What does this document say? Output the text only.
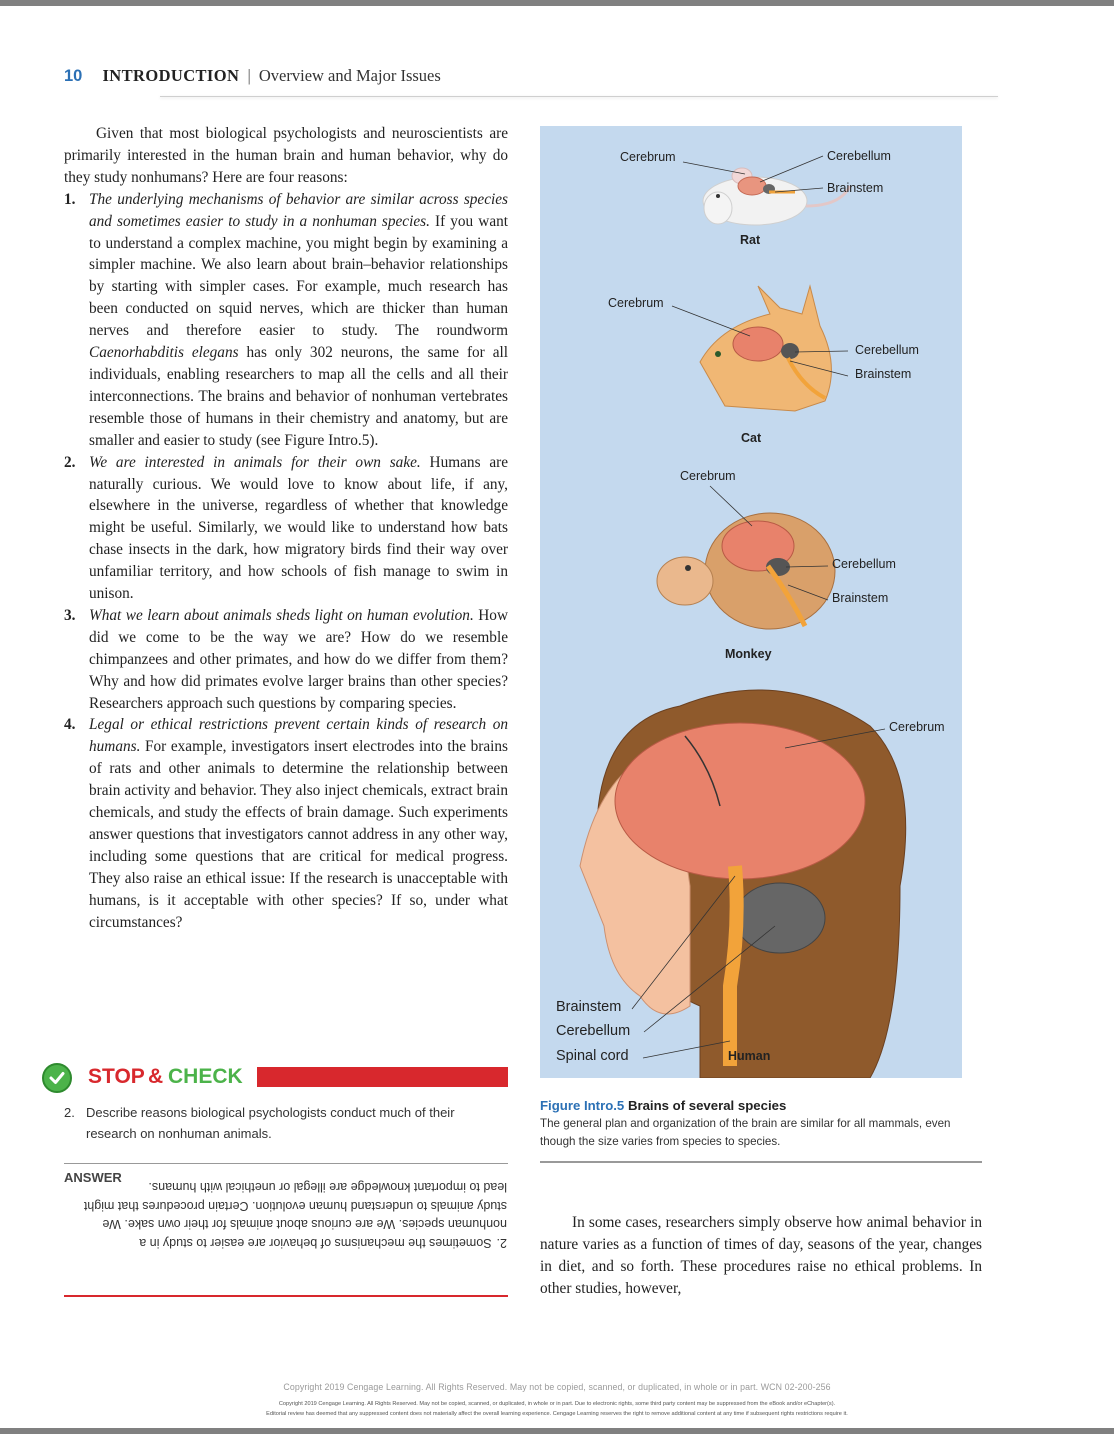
10 INTRODUCTION | Overview and Major Issues

Given that most biological psychologists and neuroscientists are primarily interested in the human brain and human behavior, why do they study nonhumans? Here are four reasons:

1. The underlying mechanisms of behavior are similar across species and sometimes easier to study in a nonhuman species. If you want to understand a complex machine, you might begin by examining a simpler machine. We also learn about brain–behavior relationships by starting with simpler cases. For example, much research has been conducted on squid nerves, which are thicker than human nerves and therefore easier to study. The roundworm Caenorhabditis elegans has only 302 neurons, the same for all individuals, enabling researchers to map all the cells and all their interconnections. The brains and behavior of nonhuman vertebrates resemble those of humans in their chemistry and anatomy, but are smaller and easier to study (see Figure Intro.5).
2. We are interested in animals for their own sake. Humans are naturally curious. We would love to know about life, if any, elsewhere in the universe, regardless of whether that knowledge might be useful. Similarly, we would like to understand how bats chase insects in the dark, how migratory birds find their way over unfamiliar territory, and how schools of fish manage to swim in unison.
3. What we learn about animals sheds light on human evolution. How did we come to be the way we are? How do we resemble chimpanzees and other primates, and how do we differ from them? Why and how did primates evolve larger brains than other species? Researchers approach such questions by comparing species.
4. Legal or ethical restrictions prevent certain kinds of research on humans. For example, investigators insert electrodes into the brains of rats and other animals to determine the relationship between brain activity and behavior. They also inject chemicals, extract brain chemicals, and study the effects of brain damage. Such experiments answer questions that investigators cannot address in any other way, including some questions that are critical for medical progress. They also raise an ethical issue: If the research is unacceptable with humans, is it acceptable with other species? If so, under what circumstances?
Cerebrum	Cerebellum
Brainstem
Rat
Cerebrum
Cerebellum
Brainstem
Cat
Cerebrum
Cerebellum
Brainstem
Monkey
Cerebrum
Brainstem
Cerebellum
Spinal cord	Human
STOP & CHECK
2. Describe reasons biological psychologists conduct much of their research on nonhuman animals.
ANSWER
2.Sometimes the mechanisms of behavior are easier to study in a nonhuman species. We are curious about animals for their own sake. We study animals to understand human evolution. Certain procedures that might lead to important knowledge are illegal or unethical with humans.
Figure Intro.5 Brains of several species
The general plan and organization of the brain are similar for all mammals, even though the size varies from species to species.

In some cases, researchers simply observe how animal behavior in nature varies as a function of times of day, seasons of the year, changes in diet, and so forth. These procedures raise no ethical problems. In other studies, however,

Copyright 2019 Cengage Learning. All Rights Reserved. May not be copied, scanned, or duplicated, in whole or in part. WCN 02-200-256
Copyright 2019 Cengage Learning. All Rights Reserved. May not be copied, scanned, or duplicated, in whole or in part. Due to electronic rights, some third party content may be suppressed from the eBook and/or eChapter(s).
Editorial review has deemed that any suppressed content does not materially affect the overall learning experience. Cengage Learning reserves the right to remove additional content at any time if subsequent rights restrictions require it.
